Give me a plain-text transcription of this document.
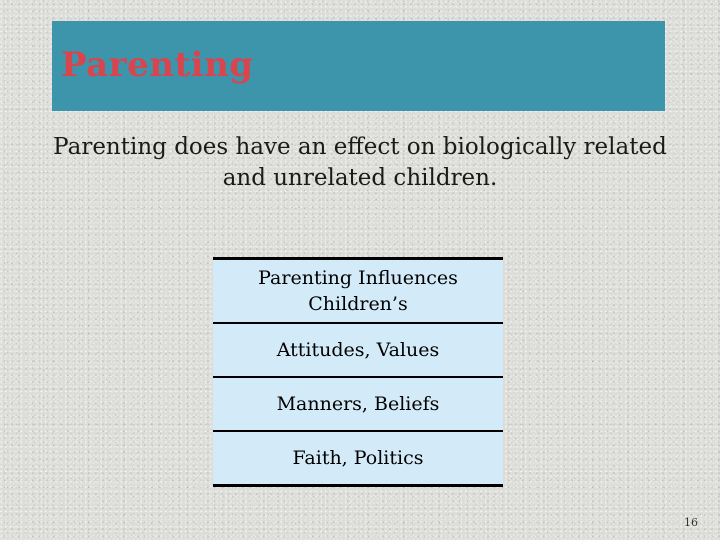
Parenting
Parenting does have an effect on biologically related and unrelated children.
Parenting Influences Children’s
Attitudes, Values
Manners, Beliefs
Faith, Politics
16
